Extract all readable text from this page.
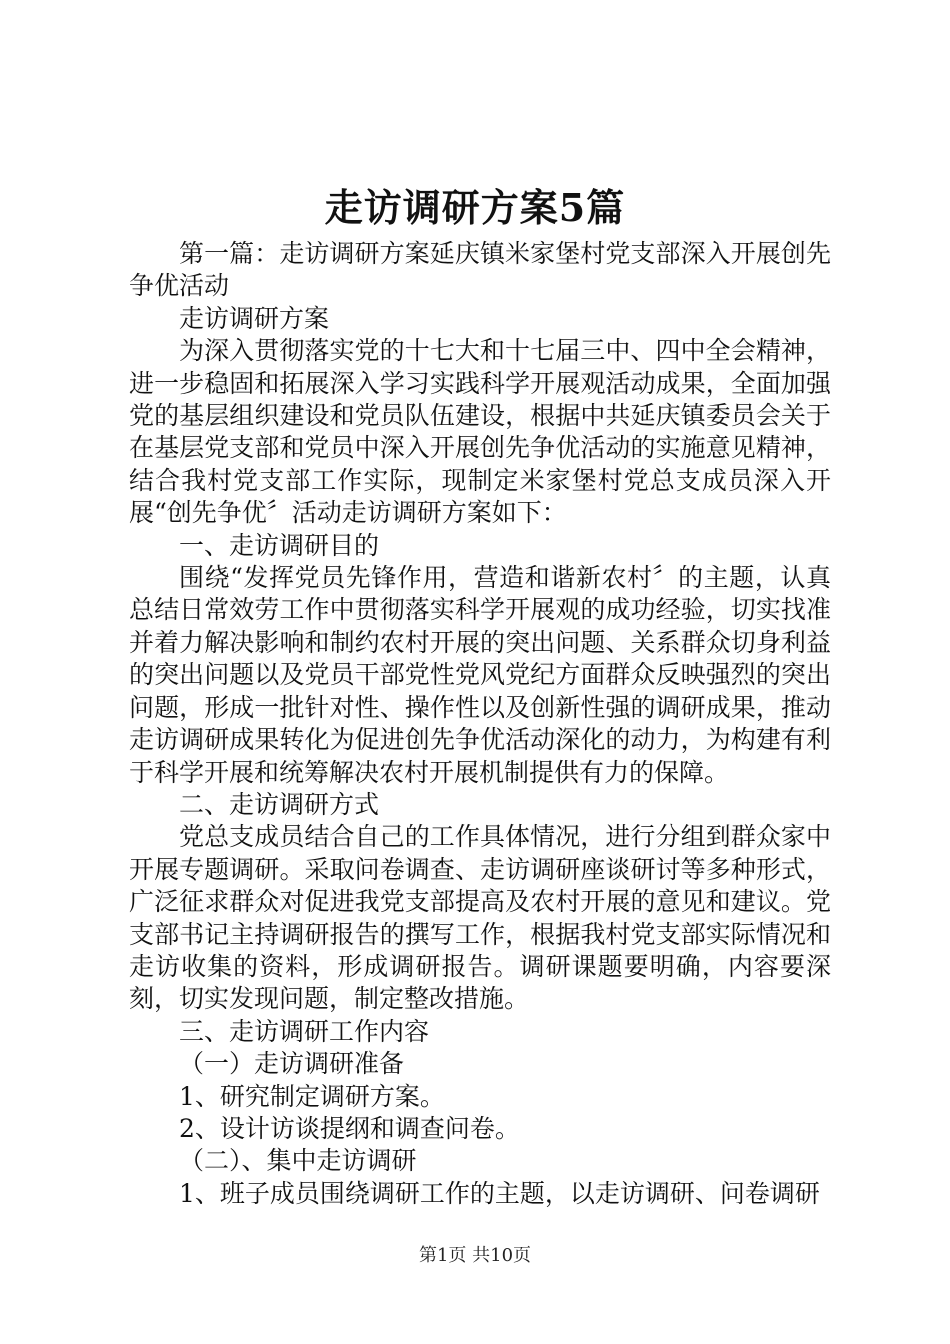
走访调研方案5篇

第一篇：走访调研方案延庆镇米家堡村党支部深入开展创先争优活动

走访调研方案

为深入贯彻落实党的十七大和十七届三中、四中全会精神，进一步稳固和拓展深入学习实践科学开展观活动成果，全面加强党的基层组织建设和党员队伍建设，根据中共延庆镇委员会关于在基层党支部和党员中深入开展创先争优活动的实施意见精神，结合我村党支部工作实际，现制定米家堡村党总支成员深入开展“创先争优〞活动走访调研方案如下：

一、走访调研目的

围绕“发挥党员先锋作用，营造和谐新农村〞的主题，认真总结日常效劳工作中贯彻落实科学开展观的成功经验，切实找准并着力解决影响和制约农村开展的突出问题、关系群众切身利益的突出问题以及党员干部党性党风党纪方面群众反映强烈的突出问题，形成一批针对性、操作性以及创新性强的调研成果，推动走访调研成果转化为促进创先争优活动深化的动力，为构建有利于科学开展和统筹解决农村开展机制提供有力的保障。

二、走访调研方式

党总支成员结合自己的工作具体情况，进行分组到群众家中开展专题调研。采取问卷调查、走访调研座谈研讨等多种形式，广泛征求群众对促进我党支部提高及农村开展的意见和建议。党支部书记主持调研报告的撰写工作，根据我村党支部实际情况和走访收集的资料，形成调研报告。调研课题要明确，内容要深刻，切实发现问题，制定整改措施。

三、走访调研工作内容

（一）走访调研准备

1、研究制定调研方案。

2、设计访谈提纲和调查问卷。

（二）、集中走访调研

1、班子成员围绕调研工作的主题，以走访调研、问卷调研

第1页 共10页
